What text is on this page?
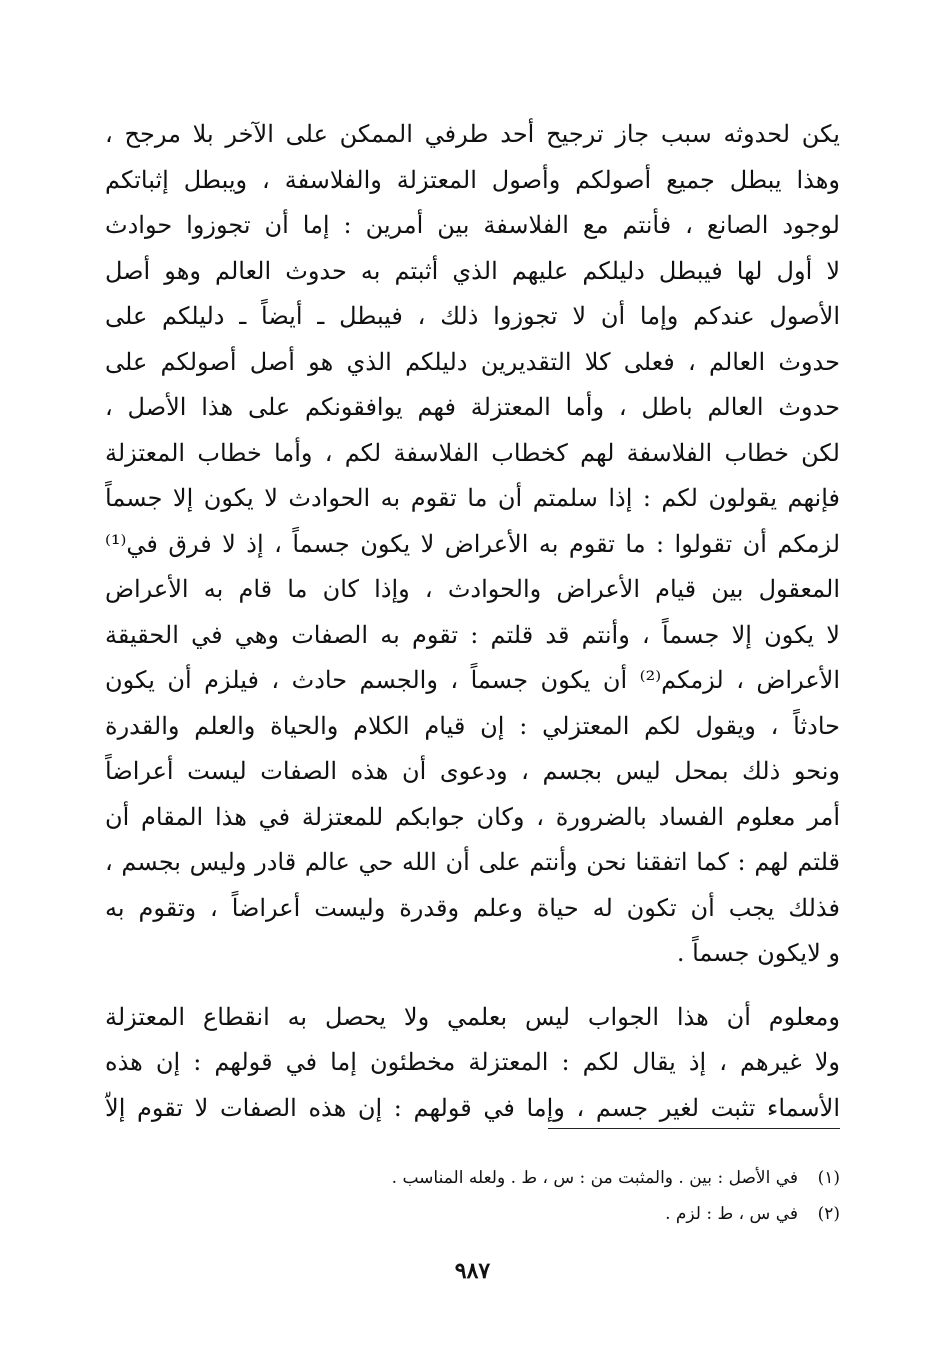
يكن لحدوثه سبب جاز ترجيح أحد طرفي الممكن على الآخر بلا مرجح ،
وهذا يبطل جميع أصولكم وأصول المعتزلة والفلاسفة ، ويبطل إثباتكم
لوجود الصانع ، فأنتم مع الفلاسفة بين أمرين : إما أن تجوزوا حوادث
لا أول لها فيبطل دليلكم عليهم الذي أثبتم به حدوث العالم وهو أصل
الأصول عندكم وإما أن لا تجوزوا ذلك ، فيبطل ـ أيضاً ـ دليلكم على
حدوث العالم ، فعلى كلا التقديرين دليلكم الذي هو أصل أصولكم على
حدوث العالم باطل ، وأما المعتزلة فهم يوافقونكم على هذا الأصل ،
لكن خطاب الفلاسفة لهم كخطاب الفلاسفة لكم ، وأما خطاب المعتزلة
فإنهم يقولون لكم : إذا سلمتم أن ما تقوم به الحوادث لا يكون إلا جسماً
لزمكم أن تقولوا : ما تقوم به الأعراض لا يكون جسماً ، إذ لا فرق في⁽¹⁾
المعقول بين قيام الأعراض والحوادث ، وإذا كان ما قام به الأعراض
لا يكون إلا جسماً ، وأنتم قد قلتم : تقوم به الصفات وهي في الحقيقة
الأعراض ، لزمكم⁽²⁾ أن يكون جسماً ، والجسم حادث ، فيلزم أن يكون
حادثاً ، ويقول لكم المعتزلي : إن قيام الكلام والحياة والعلم والقدرة
ونحو ذلك بمحل ليس بجسم ، ودعوى أن هذه الصفات ليست أعراضاً
أمر معلوم الفساد بالضرورة ، وكان جوابكم للمعتزلة في هذا المقام أن
قلتم لهم : كما اتفقنا نحن وأنتم على أن الله حي عالم قادر وليس بجسم ،
فذلك يجب أن تكون له حياة وعلم وقدرة وليست أعراضاً ، وتقوم به
و لايكون جسماً .
ومعلوم أن هذا الجواب ليس بعلمي ولا يحصل به انقطاع المعتزلة
ولا غيرهم ، إذ يقال لكم : المعتزلة مخطئون إما في قولهم : إن هذه
الأسماء تثبت لغير جسم ، وإما في قولهم : إن هذه الصفات لا تقوم إلاّ
(١)
في الأصل : بين . والمثبت من : س ، ط . ولعله المناسب .
(٢)
في س ، ط : لزم .
٩٨٧
